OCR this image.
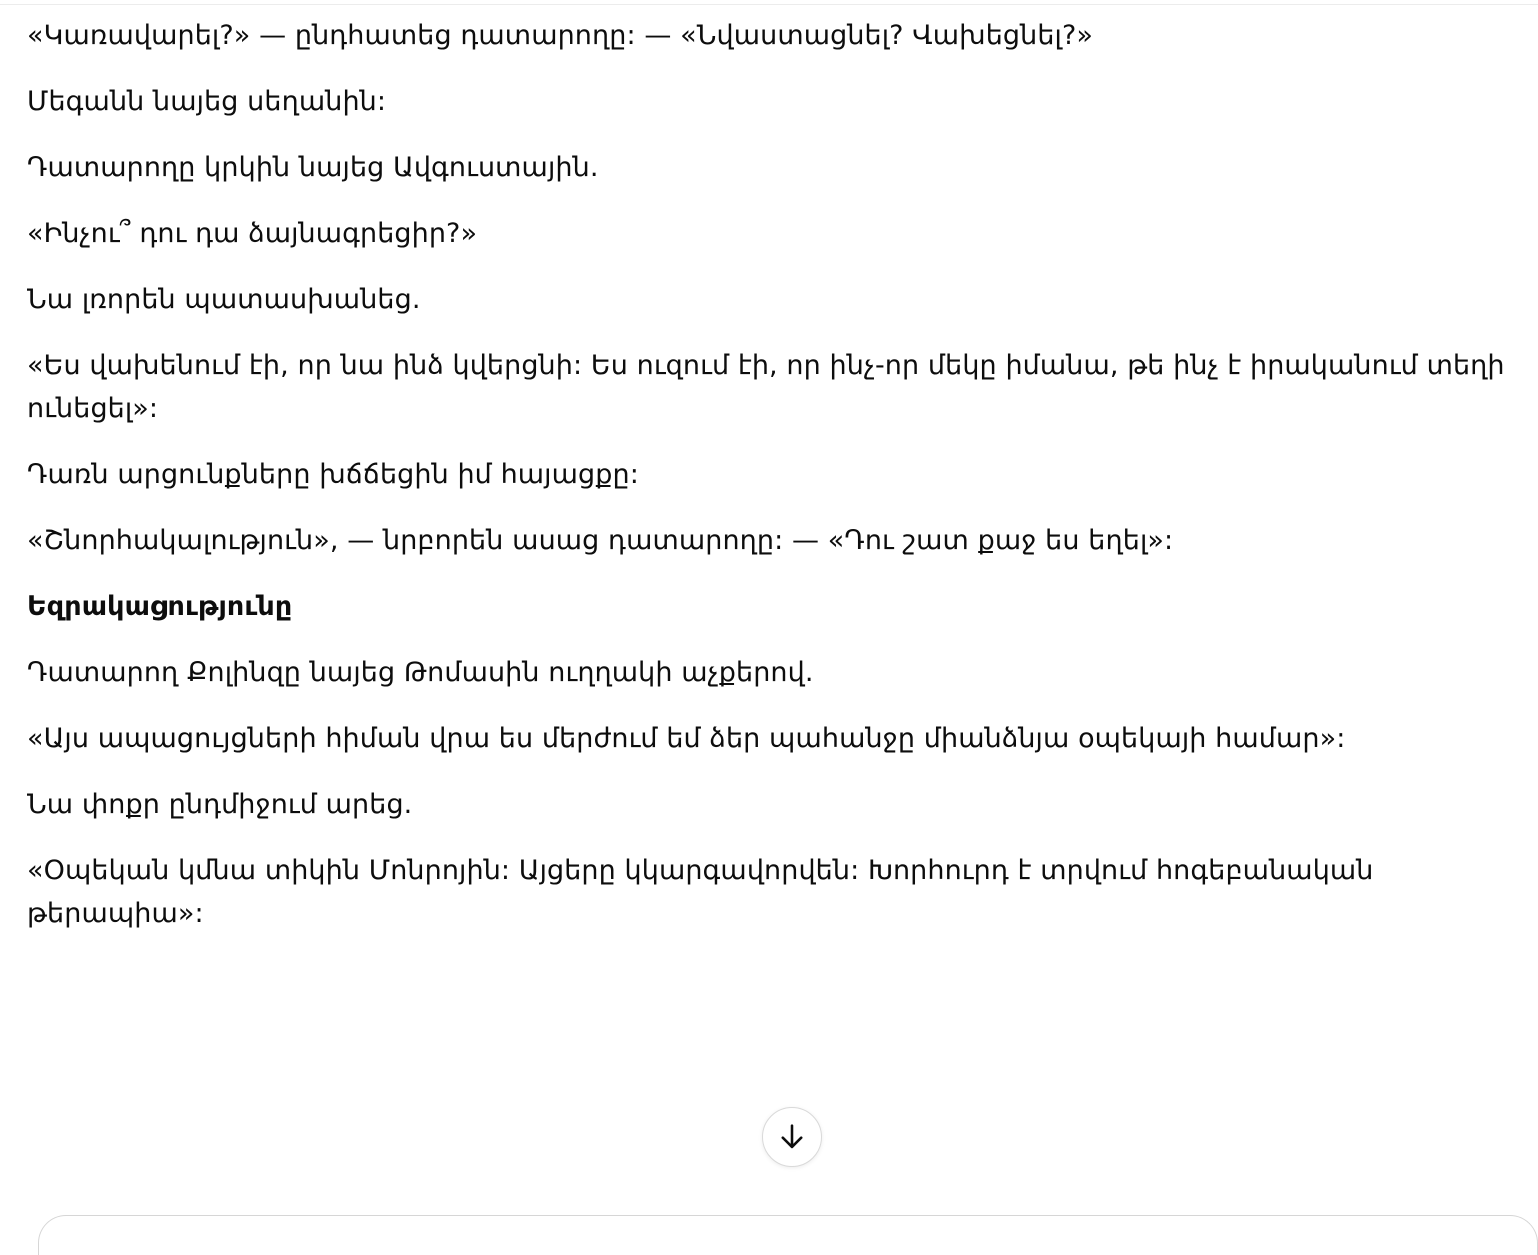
«Կառավարել?» — ընդհատեց դատարողը: — «Նվաստացնել? Վախեցնել?»

Մեգանն նայեց սեղանին:

Դատարողը կրկին նայեց Ավգուստային.

«Ինչու՞ դու դա ձայնագրեցիր?»

Նա լռորեն պատասխանեց.

«Ես վախենում էի, որ նա ինձ կվերցնի: Ես ուզում էի, որ ինչ-որ մեկը իմանա, թե ինչ է իրականում տեղի ունեցել»:

Դառն արցունքները խճճեցին իմ հայացքը:

«Շնորհակալություն», — նրբորեն ասաց դատարողը: — «Դու շատ քաջ ես եղել»:

Եզրակացությունը

Դատարող Քոլինզը նայեց Թոմասին ուղղակի աչքերով.

«Այս ապացույցների հիման վրա ես մերժում եմ ձեր պահանջը միանձնյա օպեկայի համար»:

Նա փոքր ընդմիջում արեց.

«Օպեկան կմնա տիկին Մոնրոյին: Այցերը կկարգավորվեն: Խորհուրդ է տրվում հոգեբանական թերապիա»:
